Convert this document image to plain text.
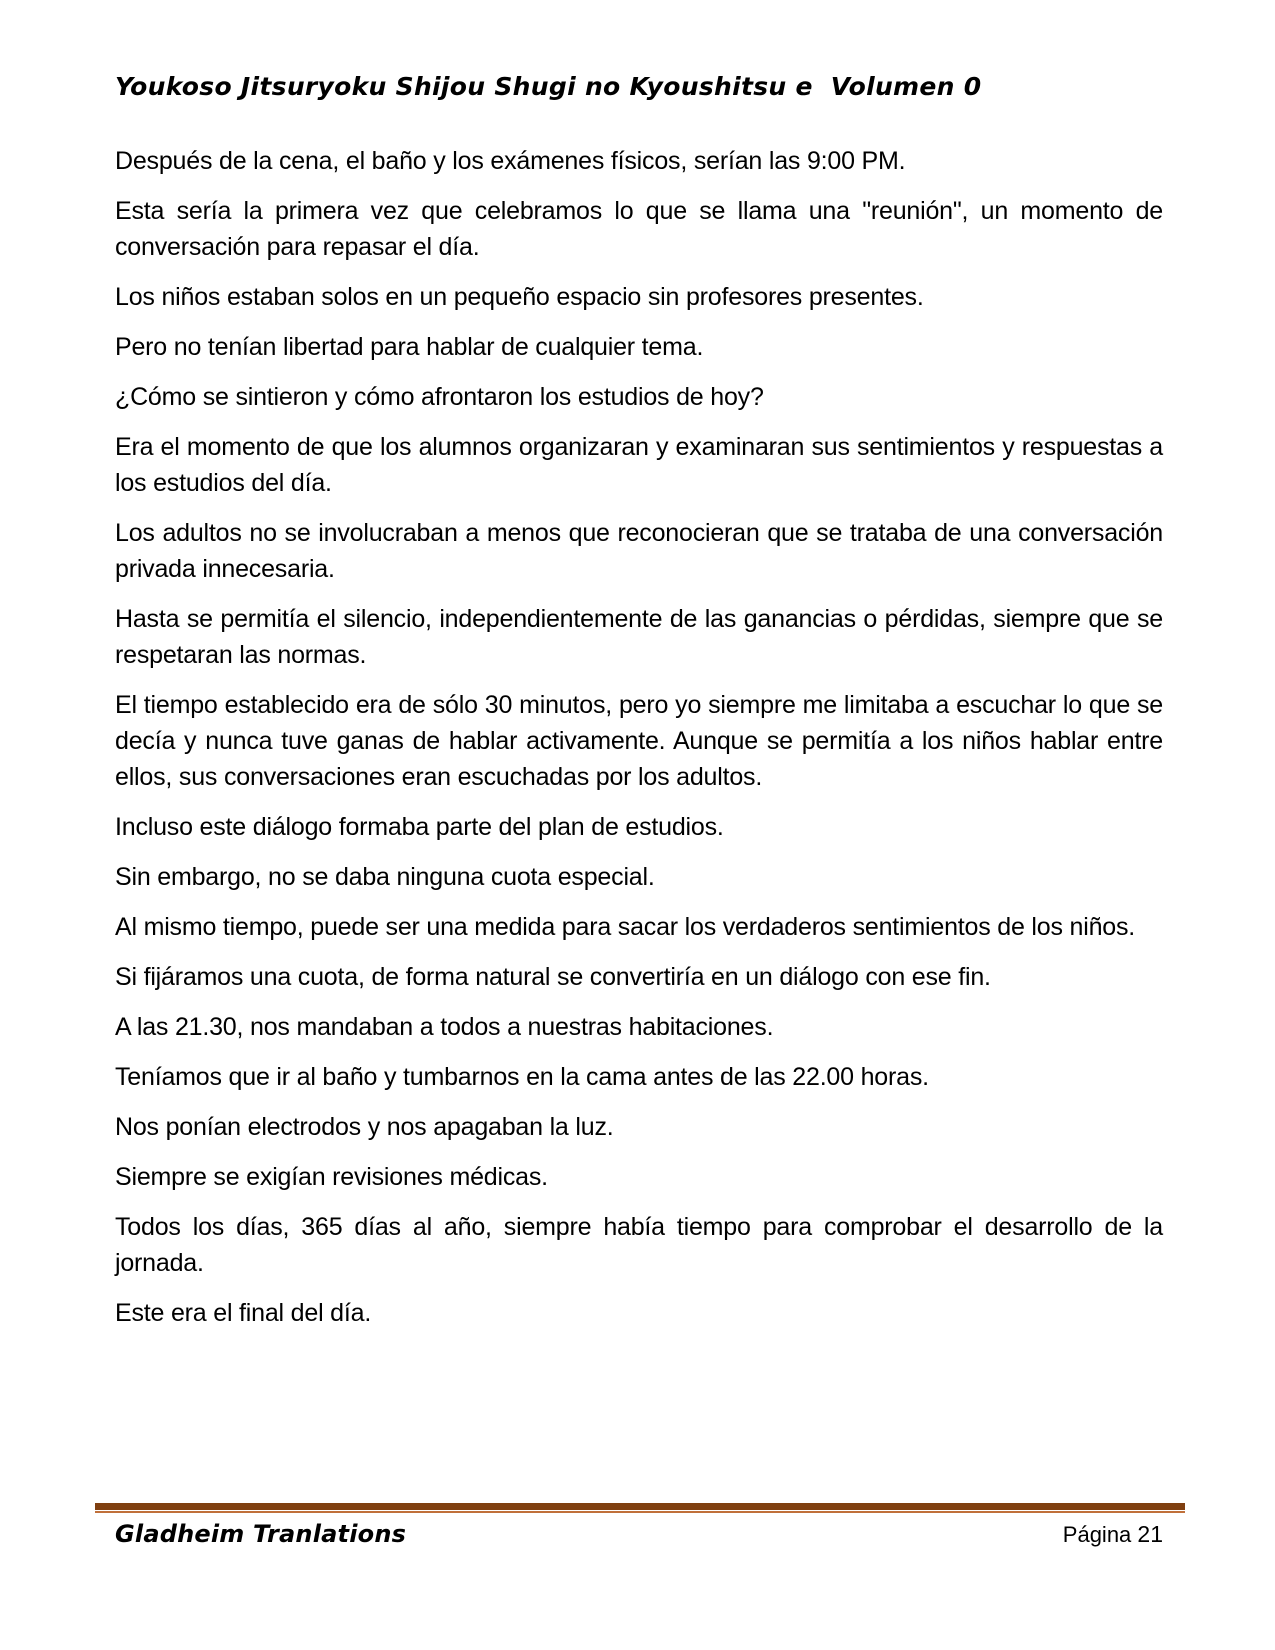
Youkoso Jitsuryoku Shijou Shugi no Kyoushitsu e  Volumen 0

Después de la cena, el baño y los exámenes físicos, serían las 9:00 PM.

Esta sería la primera vez que celebramos lo que se llama una "reunión", un momento de conversación para repasar el día.

Los niños estaban solos en un pequeño espacio sin profesores presentes.

Pero no tenían libertad para hablar de cualquier tema.

¿Cómo se sintieron y cómo afrontaron los estudios de hoy?

Era el momento de que los alumnos organizaran y examinaran sus sentimientos y respuestas a los estudios del día.

Los adultos no se involucraban a menos que reconocieran que se trataba de una conversación privada innecesaria.

Hasta se permitía el silencio, independientemente de las ganancias o pérdidas, siempre que se respetaran las normas.

El tiempo establecido era de sólo 30 minutos, pero yo siempre me limitaba a escuchar lo que se decía y nunca tuve ganas de hablar activamente. Aunque se permitía a los niños hablar entre ellos, sus conversaciones eran escuchadas por los adultos.

Incluso este diálogo formaba parte del plan de estudios.

Sin embargo, no se daba ninguna cuota especial.

Al mismo tiempo, puede ser una medida para sacar los verdaderos sentimientos de los niños.

Si fijáramos una cuota, de forma natural se convertiría en un diálogo con ese fin.

A las 21.30, nos mandaban a todos a nuestras habitaciones.

Teníamos que ir al baño y tumbarnos en la cama antes de las 22.00 horas.

Nos ponían electrodos y nos apagaban la luz.

Siempre se exigían revisiones médicas.

Todos los días, 365 días al año, siempre había tiempo para comprobar el desarrollo de la jornada.

Este era el final del día.

Gladheim Tranlations	Página 21
